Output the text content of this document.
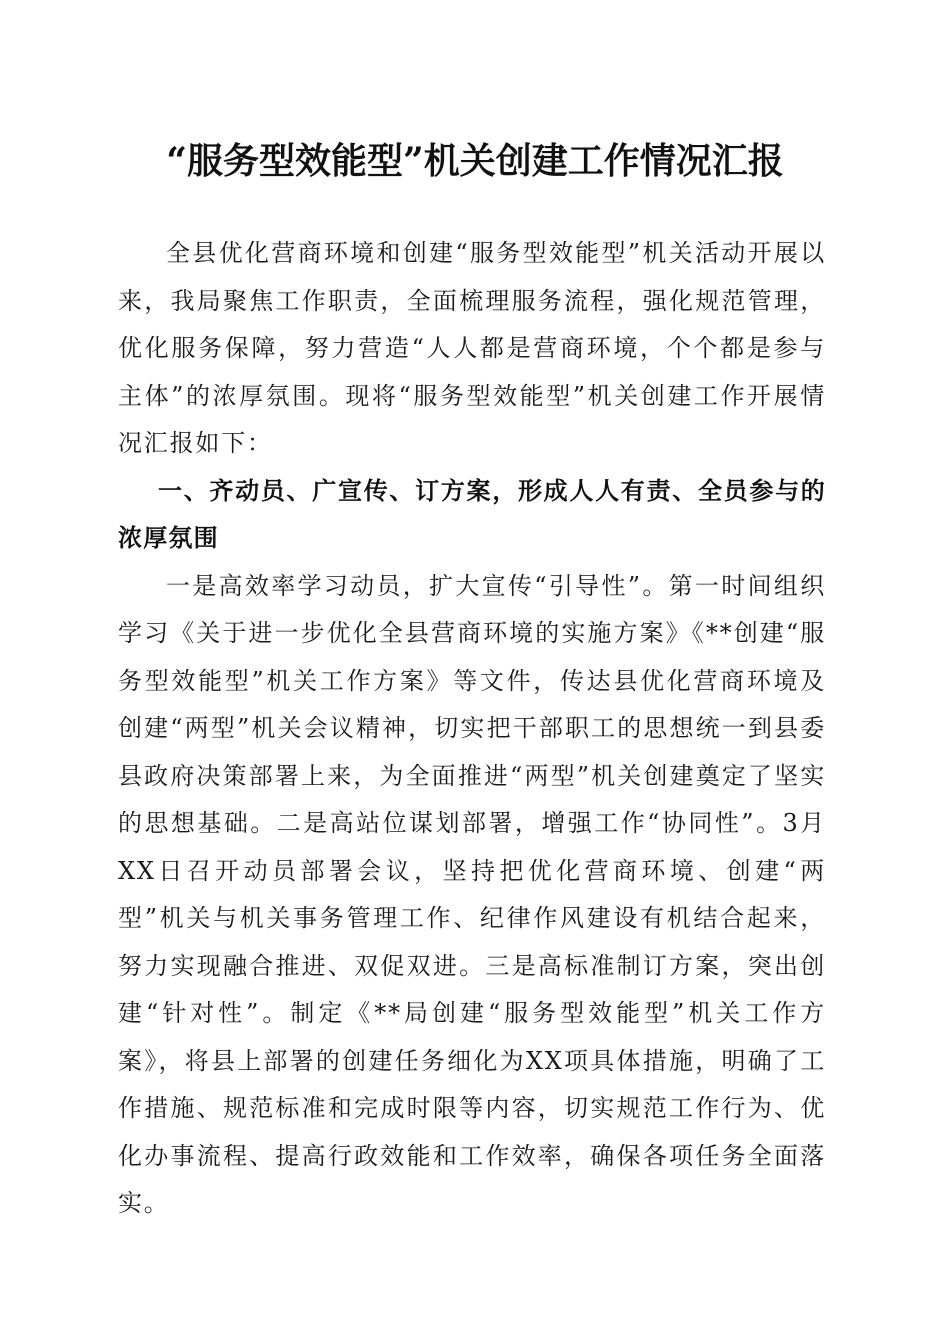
“服务型效能型”机关创建工作情况汇报

全县优化营商环境和创建“服务型效能型”机关活动开展以来，我局聚焦工作职责，全面梳理服务流程，强化规范管理，优化服务保障，努力营造“人人都是营商环境，个个都是参与主体”的浓厚氛围。现将“服务型效能型”机关创建工作开展情况汇报如下：

一、齐动员、广宣传、订方案，形成人人有责、全员参与的浓厚氛围

一是高效率学习动员，扩大宣传“引导性”。第一时间组织学习《关于进一步优化全县营商环境的实施方案》《**创建“服务型效能型”机关工作方案》等文件，传达县优化营商环境及创建“两型”机关会议精神，切实把干部职工的思想统一到县委县政府决策部署上来，为全面推进“两型”机关创建奠定了坚实的思想基础。二是高站位谋划部署，增强工作“协同性”。3月XX日召开动员部署会议，坚持把优化营商环境、创建“两型”机关与机关事务管理工作、纪律作风建设有机结合起来，努力实现融合推进、双促双进。三是高标准制订方案，突出创建“针对性”。制定《**局创建“服务型效能型”机关工作方案》，将县上部署的创建任务细化为XX项具体措施，明确了工作措施、规范标准和完成时限等内容，切实规范工作行为、优化办事流程、提高行政效能和工作效率，确保各项任务全面落实。
